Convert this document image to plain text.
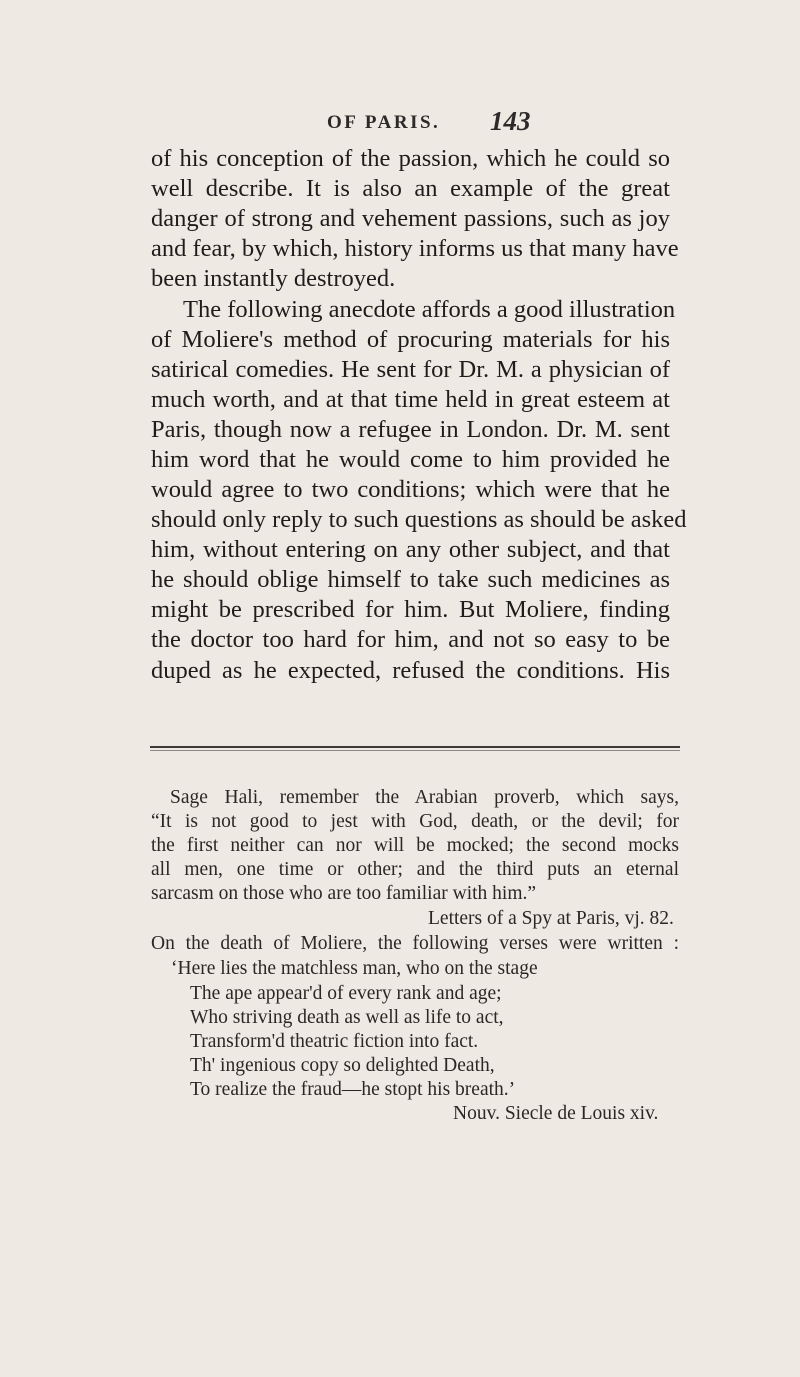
OF PARIS. 143
of his conception of the passion, which he could so
well describe. It is also an example of the great
danger of strong and vehement passions, such as joy
and fear, by which, history informs us that many have
been instantly destroyed.
The following anecdote affords a good illustration
of Moliere's method of procuring materials for his
satirical comedies. He sent for Dr. M. a physician of
much worth, and at that time held in great esteem at
Paris, though now a refugee in London. Dr. M. sent
him word that he would come to him provided he
would agree to two conditions; which were that he
should only reply to such questions as should be asked
him, without entering on any other subject, and that
he should oblige himself to take such medicines as
might be prescribed for him. But Moliere, finding
the doctor too hard for him, and not so easy to be
duped as he expected, refused the conditions. His
Sage Hali, remember the Arabian proverb, which says,
“It is not good to jest with God, death, or the devil; for
the first neither can nor will be mocked; the second mocks
all men, one time or other; and the third puts an eternal
sarcasm on those who are too familiar with him.”
Letters of a Spy at Paris, vj. 82.
On the death of Moliere, the following verses were written :
‘Here lies the matchless man, who on the stage
The ape appear'd of every rank and age;
Who striving death as well as life to act,
Transform'd theatric fiction into fact.
Th' ingenious copy so delighted Death,
To realize the fraud—he stopt his breath.’
Nouv. Siecle de Louis xiv.
